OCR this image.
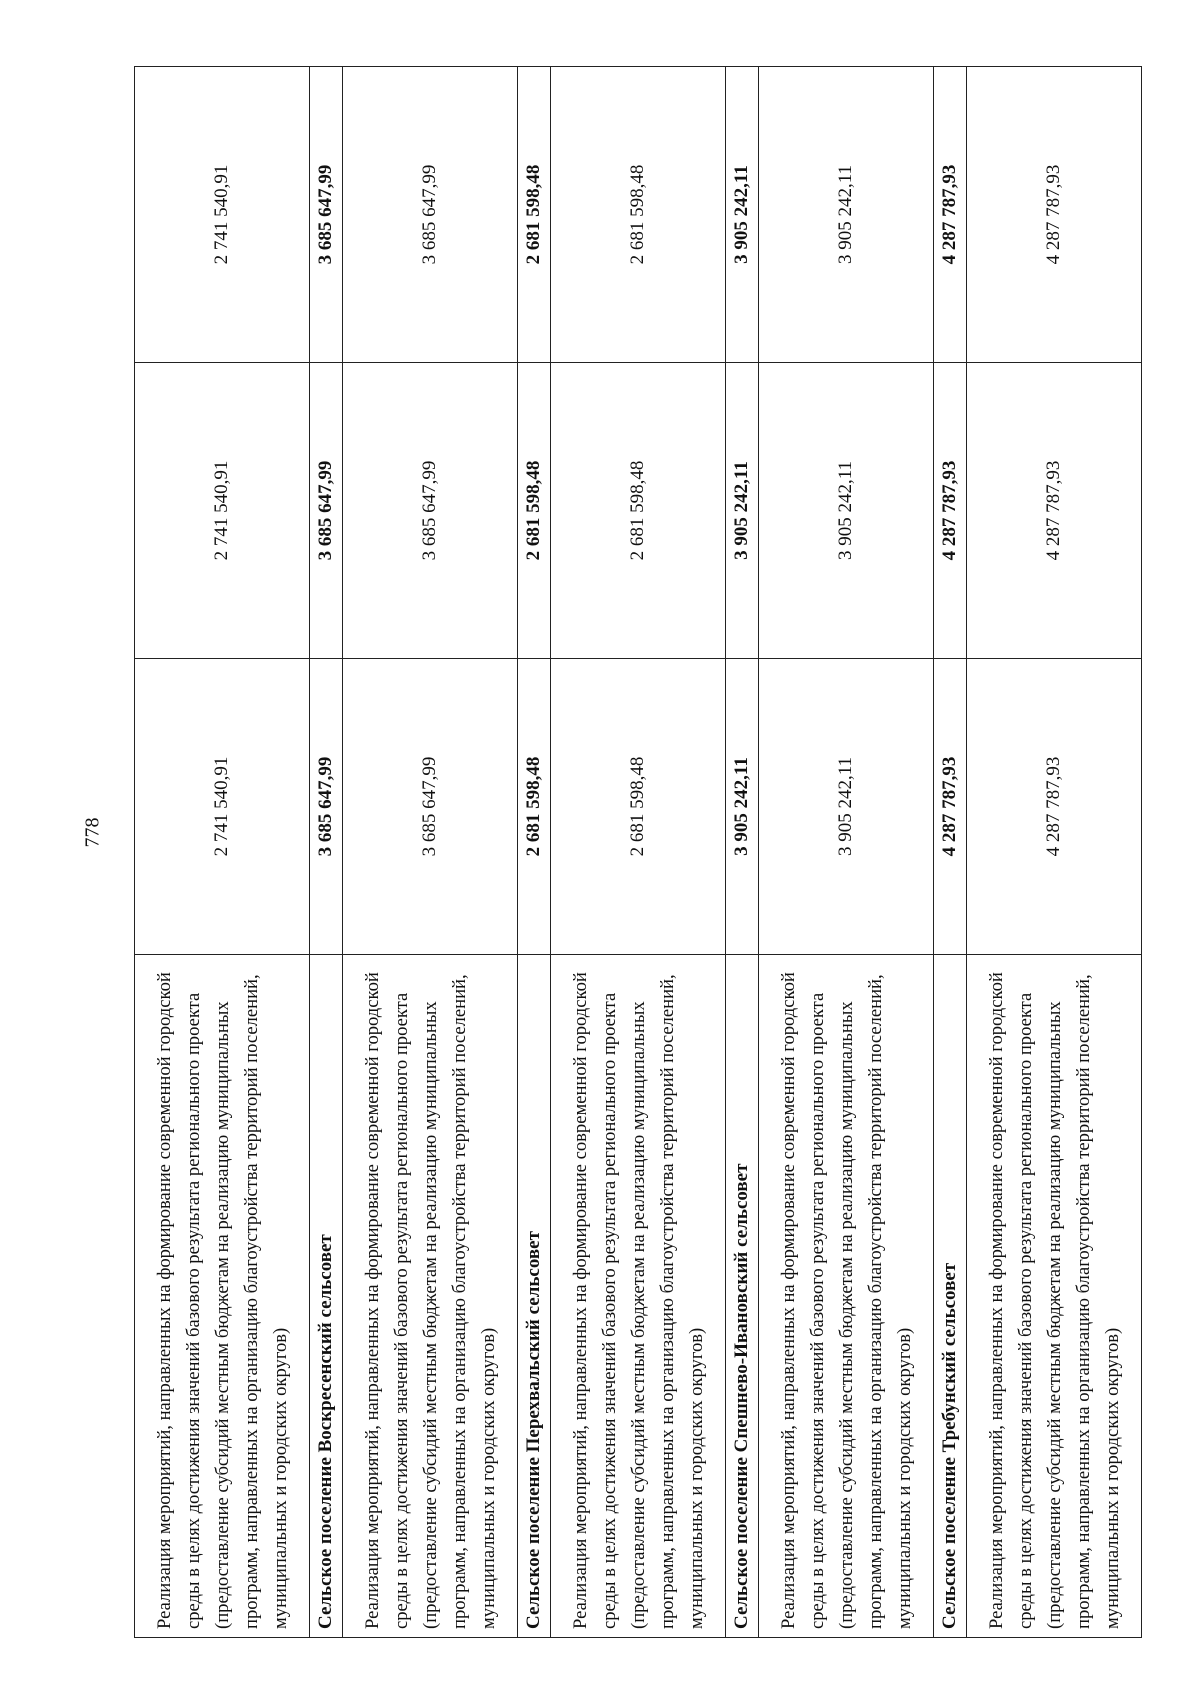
778
Реализация мероприятий, направленных на формирование современной городской среды в целях достижения значений базового результата регионального проекта (предоставление субсидий местным бюджетам на реализацию муниципальных программ, направленных на организацию благоустройства территорий поселений, муниципальных и городских округов)	2 741 540,91	2 741 540,91	2 741 540,91
Сельское поселение Воскресенский сельсовет	3 685 647,99	3 685 647,99	3 685 647,99
Реализация мероприятий, направленных на формирование современной городской среды в целях достижения значений базового результата регионального проекта (предоставление субсидий местным бюджетам на реализацию муниципальных программ, направленных на организацию благоустройства территорий поселений, муниципальных и городских округов)	3 685 647,99	3 685 647,99	3 685 647,99
Сельское поселение Перехвальский сельсовет	2 681 598,48	2 681 598,48	2 681 598,48
Реализация мероприятий, направленных на формирование современной городской среды в целях достижения значений базового результата регионального проекта (предоставление субсидий местным бюджетам на реализацию муниципальных программ, направленных на организацию благоустройства территорий поселений, муниципальных и городских округов)	2 681 598,48	2 681 598,48	2 681 598,48
Сельское поселение Спешнево-Ивановский сельсовет	3 905 242,11	3 905 242,11	3 905 242,11
Реализация мероприятий, направленных на формирование современной городской среды в целях достижения значений базового результата регионального проекта (предоставление субсидий местным бюджетам на реализацию муниципальных программ, направленных на организацию благоустройства территорий поселений, муниципальных и городских округов)	3 905 242,11	3 905 242,11	3 905 242,11
Сельское поселение Требунский сельсовет	4 287 787,93	4 287 787,93	4 287 787,93
Реализация мероприятий, направленных на формирование современной городской среды в целях достижения значений базового результата регионального проекта (предоставление субсидий местным бюджетам на реализацию муниципальных программ, направленных на организацию благоустройства территорий поселений, муниципальных и городских округов)	4 287 787,93	4 287 787,93	4 287 787,93
